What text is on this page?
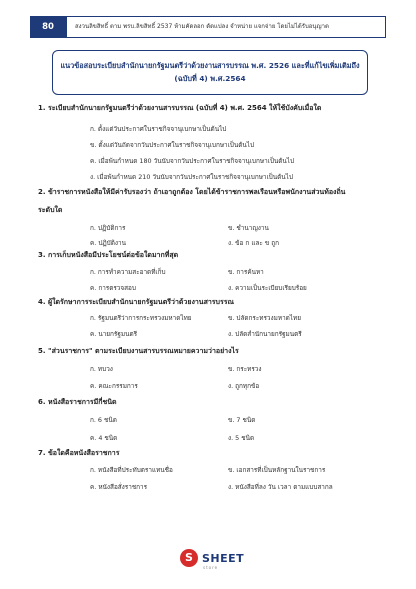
80	สงวนลิขสิทธิ์ ตาม พรบ.ลิขสิทธิ์ 2537 ห้ามคัดลอก ดัดแปลง จำหน่าย แจกจ่าย โดยไม่ได้รับอนุญาต
แนวข้อสอบระเบียบสำนักนายกรัฐมนตรีว่าด้วยงานสารบรรณ พ.ศ. 2526 และที่แก้ไขเพิ่มเติมถึง
(ฉบับที่ 4) พ.ศ.2564
1. ระเบียบสำนักนายกรัฐมนตรีว่าด้วยงานสารบรรณ (ฉบับที่ 4) พ.ศ. 2564 ให้ใช้บังคับเมื่อใด
ก. ตั้งแต่วันประกาศในราชกิจจานุเบกษาเป็นต้นไป
ข. ตั้งแต่วันถัดจากวันประกาศในราชกิจจานุเบกษาเป็นต้นไป
ค. เมื่อพ้นกำหนด 180 วันนับจากวันประกาศในราชกิจจานุเบกษาเป็นต้นไป
ง. เมื่อพ้นกำหนด 210 วันนับจากวันประกาศในราชกิจจานุเบกษาเป็นต้นไป
2. ข้าราชการหนังสือให้มีค่ารับรองว่า ถ้าเอาถูกต้อง โดยได้ข้าราชการพลเรือนหรือพนักงานส่วนท้องถิ่น
ระดับใด
ก. ปฏิบัติการ	ข. ชำนาญงาน
ค. ปฏิบัติงาน	ง. ข้อ ก และ ข ถูก
3. การเก็บหนังสือมีประโยชน์ต่อข้อใดมากที่สุด
ก. การทำความสะอาดที่เก็บ	ข. การค้นหา
ค. การตรวจสอบ	ง. ความเป็นระเบียบเรียบร้อย
4. ผู้ใดรักษาการระเบียบสำนักนายกรัฐมนตรีว่าด้วยงานสารบรรณ
ก. รัฐมนตรีว่าการกระทรวงมหาดไทย	ข. ปลัดกระทรวงมหาดไทย
ค. นายกรัฐมนตรี	ง. ปลัดสำนักนายกรัฐมนตรี
5. "ส่วนราชการ" ตามระเบียบงานสารบรรณหมายความว่าอย่างไร
ก. ทบวง	ข. กระทรวง
ค. คณะกรรมการ	ง. ถูกทุกข้อ
6. หนังสือราชการมีกี่ชนิด
ก. 6 ชนิด	ข. 7 ชนิด
ค. 4 ชนิด	ง. 5 ชนิด
7. ข้อใดคือหนังสือราชการ
ก. หนังสือที่ประทับตราแทนชื่อ	ข. เอกสารที่เป็นหลักฐานในราชการ
ค. หนังสือสั่งราชการ	ง. หนังสือที่ลง วัน เวลา ตามแบบสากล
S SHEET
store
